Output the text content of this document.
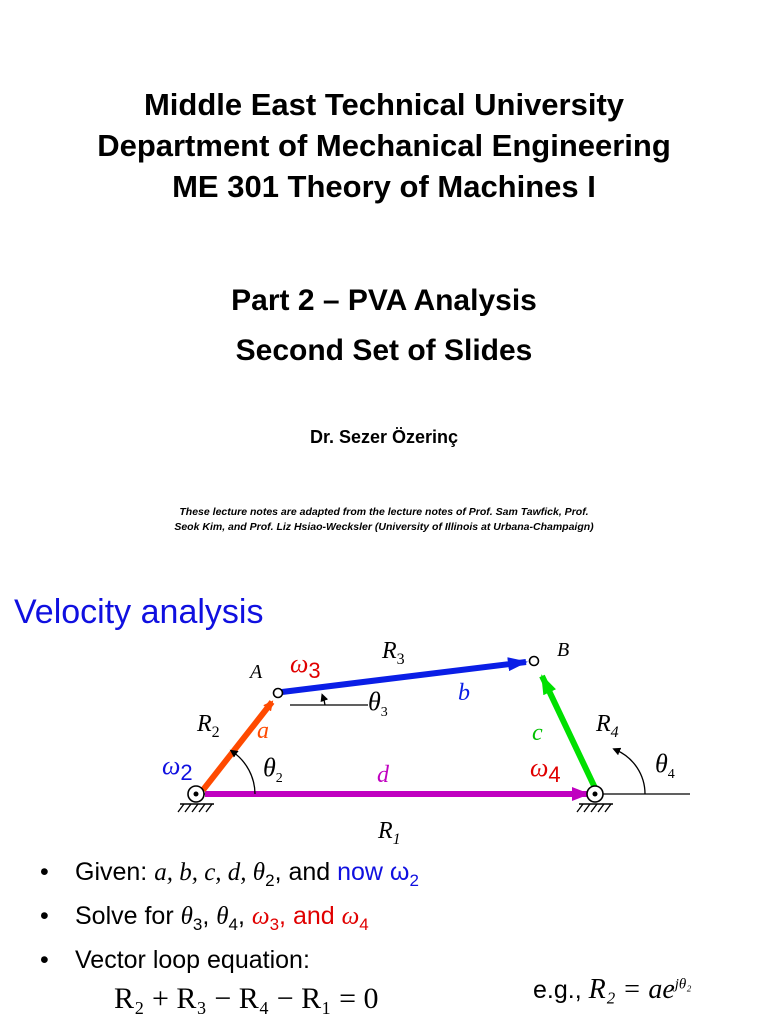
Middle East Technical University
Department of Mechanical Engineering
ME 301 Theory of Machines I
Part 2 – PVA Analysis
Second Set of Slides
Dr. Sezer Özerinç
These lecture notes are adapted from the lecture notes of Prof. Sam Tawfick, Prof.
Seok Kim, and Prof. Liz Hsiao-Wecksler (University of Illinois at Urbana-Champaign)
Velocity analysis
A
B
$R_3$
$R_2$	$R_4$
$R_1$
a
b
c
d
$\omega_2$
$\omega_3$
$\omega_4$
$\theta_2$
$\theta_3$
$\theta_4$
• Given: a, b, c, d, $\theta_2$, and now $\omega_2$
• Solve for $\theta_3$, $\theta_4$, $\omega_3$, and $\omega_4$
• Vector loop equation:
R₂ + R₃ − R₄ − R₁ = 0	e.g., $R_2 = ae^{j\theta_2}$
